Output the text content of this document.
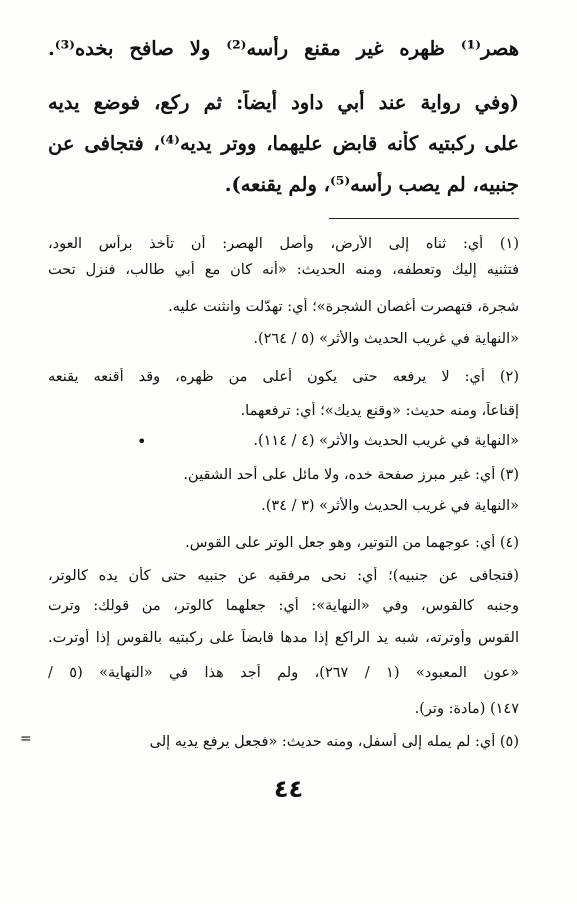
هصر⁽¹⁾ ظهره غير مقنع رأسه⁽²⁾ ولا صافح بخده⁽³⁾.
(وفي رواية عند أبي داود أيضاً: ثم ركع، فوضع يديه
على ركبتيه كأنه قابض عليهما، ووتر يديه⁽⁴⁾، فتجافى عن
جنبيه، لم يصب رأسه⁽⁵⁾، ولم يقنعه).
(١) أي: ثناه إلى الأرض، وأصل الهصر: أن تأخذ برأس العود،
فتثنيه إليك وتعطفه، ومنه الحديث: «أنه كان مع أبي طالب، فنزل تحت
شجرة، فتهصرت أغصان الشجرة»؛ أي: تهدّلت وانثنت عليه.
«النهاية في غريب الحديث والأثر» (٥ / ٢٦٤).
(٢) أي: لا يرفعه حتى يكون أعلى من ظهره، وقد أقنعه يقنعه
إقناعاً، ومنه حديث: «وقنع يديك»؛ أي: ترفعهما.
«النهاية في غريب الحديث والأثر» (٤ / ١١٤).
(٣) أي: غير مبرز صفحة خده، ولا مائل على أحد الشقين.
«النهاية في غريب الحديث والأثر» (٣ / ٣٤).
(٤) أي: عوجهما من التوتير، وهو جعل الوتر على القوس.
(فتجافى عن جنبيه)؛ أي: نحى مرفقيه عن جنبيه حتى كأن يده كالوتر،
وجنبه كالقوس، وفي «النهاية»: أي: جعلهما كالوتر، من قولك: وترت
القوس وأوترته، شبه يد الراكع إذا مدها قابضاً على ركبتيه بالقوس إذا أوترت.
«عون المعبود» (١ / ٢٦٧)، ولم أجد هذا في «النهاية» (٥ /
١٤٧) (مادة: وتر).
(٥) أي: لم يمله إلى أسفل، ومنه حديث: «فجعل يرفع يديه إلى
•
=
٤٤
